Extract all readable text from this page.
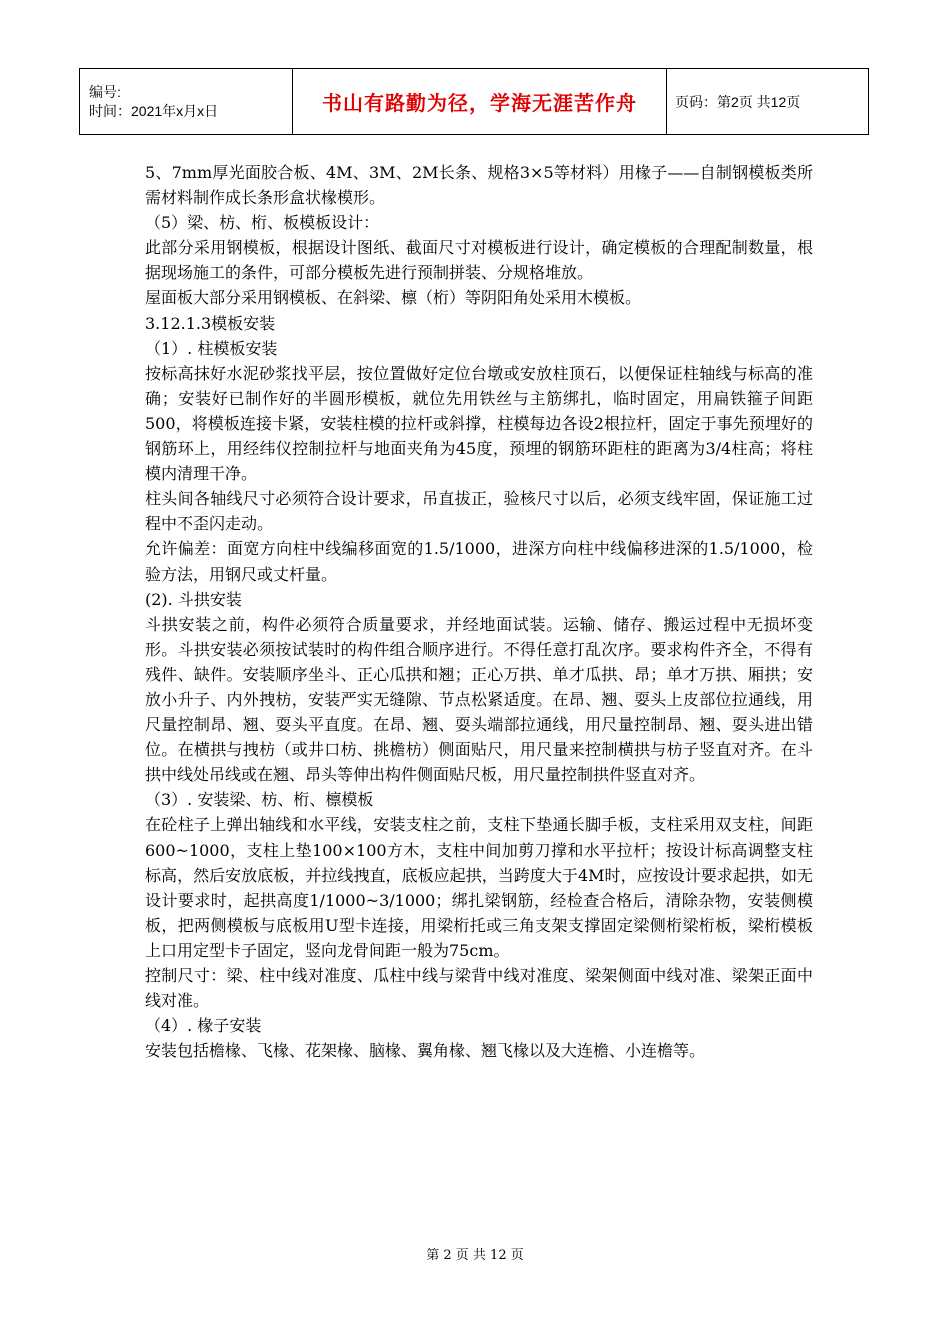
编号:
时间：2021年x月x日	书山有路勤为径，学海无涯苦作舟	页码：第2页 共12页

5、7mm厚光面胶合板、4M、3M、2M长条、规格3×5等材料）用椽子——自制钢模板类所需材料制作成长条形盒状椽模形。

（5）梁、枋、桁、板模板设计：

此部分采用钢模板，根据设计图纸、截面尺寸对模板进行设计，确定模板的合理配制数量，根据现场施工的条件，可部分模板先进行预制拼装、分规格堆放。

屋面板大部分采用钢模板、在斜梁、檩（桁）等阴阳角处采用木模板。

3.12.1.3模板安装

（1）. 柱模板安装

按标高抹好水泥砂浆找平层，按位置做好定位台墩或安放柱顶石，以便保证柱轴线与标高的准确；安装好已制作好的半圆形模板，就位先用铁丝与主筋绑扎，临时固定，用扁铁箍子间距500，将模板连接卡紧，安装柱模的拉杆或斜撑，柱模每边各设2根拉杆，固定于事先预埋好的钢筋环上，用经纬仪控制拉杆与地面夹角为45度，预埋的钢筋环距柱的距离为3/4柱高；将柱模内清理干净。

柱头间各轴线尺寸必须符合设计要求，吊直拔正，验核尺寸以后，必须支线牢固，保证施工过程中不歪闪走动。

允许偏差：面宽方向柱中线编移面宽的1.5/1000，进深方向柱中线偏移进深的1.5/1000，检验方法，用钢尺或丈杆量。

(2). 斗拱安装

斗拱安装之前，构件必须符合质量要求，并经地面试装。运输、储存、搬运过程中无损坏变形。斗拱安装必须按试装时的构件组合顺序进行。不得任意打乱次序。要求构件齐全，不得有残件、缺件。安装顺序坐斗、正心瓜拱和翘；正心万拱、单才瓜拱、昂；单才万拱、厢拱；安放小升子、内外拽枋，安装严实无缝隙、节点松紧适度。在昂、翘、耍头上皮部位拉通线，用尺量控制昂、翘、耍头平直度。在昂、翘、耍头端部拉通线，用尺量控制昂、翘、耍头进出错位。在横拱与拽枋（或井口枋、挑檐枋）侧面贴尺，用尺量来控制横拱与枋子竖直对齐。在斗拱中线处吊线或在翘、昂头等伸出构件侧面贴尺板，用尺量控制拱件竖直对齐。

（3）. 安装梁、枋、桁、檩模板

在砼柱子上弹出轴线和水平线，安装支柱之前，支柱下垫通长脚手板，支柱采用双支柱，间距600~1000，支柱上垫100×100方木，支柱中间加剪刀撑和水平拉杆；按设计标高调整支柱标高，然后安放底板，并拉线拽直，底板应起拱，当跨度大于4M时，应按设计要求起拱，如无设计要求时，起拱高度1/1000~3/1000；绑扎梁钢筋，经检查合格后，清除杂物，安装侧模板，把两侧模板与底板用U型卡连接，用梁桁托或三角支架支撑固定梁侧桁梁桁板，梁桁模板上口用定型卡子固定，竖向龙骨间距一般为75cm。

控制尺寸：梁、柱中线对准度、瓜柱中线与梁背中线对准度、梁架侧面中线对准、梁架正面中线对准。

（4）. 椽子安装

安装包括檐椽、飞椽、花架椽、脑椽、翼角椽、翘飞椽以及大连檐、小连檐等。

第 2 页 共 12 页
